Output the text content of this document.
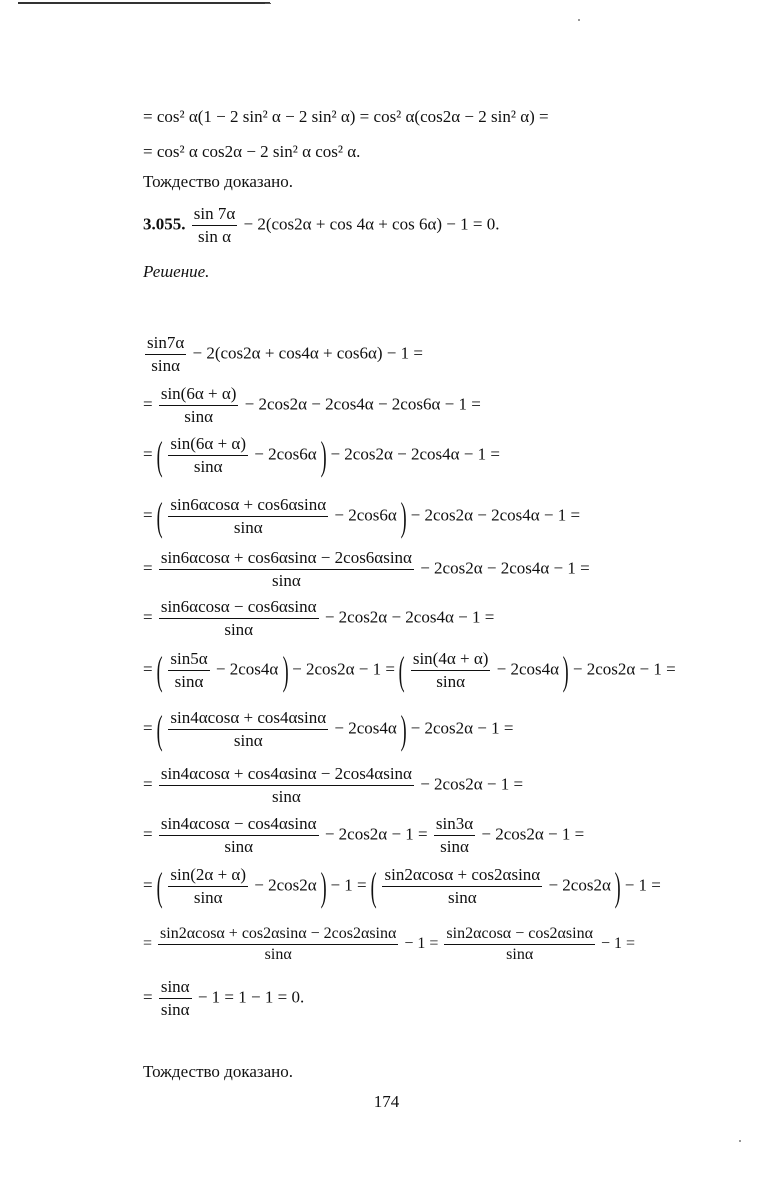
= cos² α(1 − 2 sin² α − 2 sin² α) = cos² α(cos2α − 2 sin² α) =
= cos² α cos2α − 2 sin² α cos² α.
Тождество доказано.
3.055. $\frac{\sin 7\alpha}{\text{sin α}} - 2(\cos 2\alpha + \cos 4\alpha + \cos 6\alpha) - 1 = 0$.
Решение.
$\frac{\sin 7\alpha}{\sin\alpha} - 2(\cos 2\alpha + \cos 4\alpha + \cos 6\alpha) - 1$ =
= $\frac{\sin(6\alpha + \alpha)}{\sin\alpha} - 2\cos 2\alpha - 2\cos 4\alpha - 2\cos 6\alpha - 1$ =
= ( $\frac{\sin(6\alpha + \alpha)}{\sin\alpha} - 2\cos 6\alpha$ ) − 2cos2α − 2cos4α − 1 =
= ( $\frac{\sin 6\alpha\cos\alpha + \cos 6\alpha\sin\alpha}{\sin\alpha} - 2\cos 6\alpha$ ) − 2cos2α − 2cos4α − 1 =
= $\frac{\sin 6\alpha\cos\alpha + \cos 6\alpha\sin\alpha - 2\cos 6\alpha\sin\alpha}{\sin\alpha} - 2\cos 2\alpha - 2\cos 4\alpha - 1$ =
= $\frac{\sin 6\alpha\cos\alpha - \cos 6\alpha\sin\alpha}{\sin\alpha} - 2\cos 2\alpha - 2\cos 4\alpha - 1$ =
= ( $\frac{\sin 5\alpha}{\sin\alpha} - 2\cos 4\alpha$ ) − 2cos2α − 1 = ( $\frac{\sin(4\alpha + \alpha)}{\sin\alpha} - 2\cos 4\alpha$ ) − 2cos2α − 1 =
= ( $\frac{\sin 4\alpha\cos\alpha + \cos 4\alpha\sin\alpha}{\sin\alpha} - 2\cos 4\alpha$ ) − 2cos2α − 1 =
= $\frac{\sin 4\alpha\cos\alpha + \cos 4\alpha\sin\alpha - 2\cos 4\alpha\sin\alpha}{\sin\alpha} - 2\cos 2\alpha - 1$ =
= $\frac{\sin 4\alpha\cos\alpha - \cos 4\alpha\sin\alpha}{\sin\alpha} - 2\cos 2\alpha - 1 = \frac{\sin 3\alpha}{\sin\alpha} - 2\cos 2\alpha - 1$ =
= ( $\frac{\sin(2\alpha + \alpha)}{\sin\alpha} - 2\cos 2\alpha$ ) − 1 = ( $\frac{\sin 2\alpha\cos\alpha + \cos 2\alpha\sin\alpha}{\sin\alpha} - 2\cos 2\alpha$ ) − 1 =
= $\frac{\sin 2\alpha\cos\alpha + \cos 2\alpha\sin\alpha - 2\cos 2\alpha\sin\alpha}{\sin\alpha} - 1 = \frac{\sin 2\alpha\cos\alpha - \cos 2\alpha\sin\alpha}{\sin\alpha} - 1$ =
= $\frac{\sin\alpha}{\sin\alpha} - 1 = 1 - 1 = 0$.
Тождество доказано.
174
